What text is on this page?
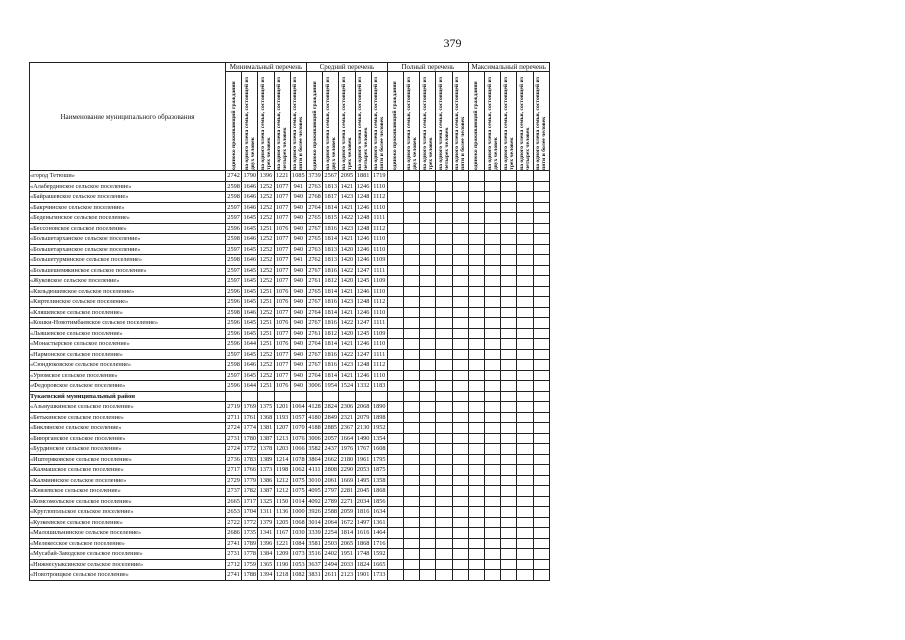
379
Наименование муниципального образования	Минимальный перечень					Средний перечень					Полный перечень					Максимальный перечень				

	одиноко проживающий гражданин	на одного члена семьи, состоящей из двух человек	на одного члена семьи, состоящей из трех человек	на одного члена семьи, состоящей из четырех человек	на одного члена семьи, состоящей из пяти и более человек	одиноко проживающий гражданин	на одного члена семьи, состоящей из двух человек	на одного члена семьи, состоящей из трех человек	на одного члена семьи, состоящей из четырех человек	на одного члена семьи, состоящей из пяти и более человек	одиноко проживающий гражданин	на одного члена семьи, состоящей из двух человек	на одного члена семьи, состоящей из трех человек	на одного члена семьи, состоящей из четырех человек	на одного члена семьи, состоящей из пяти и более человек	одиноко проживающий гражданин	на одного члена семьи, состоящей из двух человек	на одного члена семьи, состоящей из трех человек	на одного члена семьи, состоящей из четырех человек	на одного члена семьи, состоящей из пяти и более человек

«город Тетюши»	2742	1790	1396	1221	1085	3739	2567	2095	1881	1719										
«Алабердинское сельское поселение»	2598	1646	1252	1077	941	2763	1813	1421	1246	1110										
«Байрашевское сельское поселение»	2598	1646	1252	1077	940	2768	1817	1423	1248	1112										
«Бакрчинское сельское поселение»	2597	1646	1252	1077	940	2764	1814	1421	1246	1110										
«Беденьгинское сельское поселение»	2597	1645	1252	1077	940	2765	1815	1422	1248	1111										
«Бессоновское сельское поселение»	2596	1645	1251	1076	940	2767	1816	1423	1248	1112										
«Большетарханское сельское поселение»	2598	1646	1252	1077	940	2765	1814	1421	1246	1110										
«Большетарханское сельское поселение»	2597	1645	1252	1077	940	2763	1813	1420	1246	1110										
«Большетурминское сельское поселение»	2598	1646	1252	1077	941	2762	1813	1420	1246	1109										
«Большешемякинское сельское поселение»	2597	1645	1252	1077	940	2767	1816	1422	1247	1111										
«Жуковское сельское поселение»	2597	1645	1252	1077	940	2761	1812	1420	1245	1109										
«Кильдюшевское сельское поселение»	2596	1645	1251	1076	940	2765	1814	1421	1246	1110										
«Киртелинское сельское поселение»	2596	1645	1251	1076	940	2767	1816	1423	1248	1112										
«Кляшевское сельское поселение»	2598	1646	1252	1077	940	2764	1814	1421	1246	1110										
«Кошки-Новотимбаевское сельское поселение»	2596	1645	1251	1076	940	2767	1816	1422	1247	1111										
«Льяшевское сельское поселение»	2596	1645	1251	1077	940	2761	1812	1420	1245	1109										
«Монастырское сельское поселение»	2596	1644	1251	1076	940	2764	1814	1421	1246	1110										
«Нармонское сельское поселение»	2597	1645	1252	1077	940	2767	1816	1422	1247	1111										
«Сюндюковское сельское поселение»	2598	1646	1252	1077	940	2767	1816	1423	1248	1112										
«Урюмское сельское поселение»	2597	1645	1252	1077	940	2764	1814	1421	1246	1110										
«Федоровское сельское поселение»	2596	1644	1251	1076	940	3006	1954	1524	1332	1183										
Тукаевский муниципальный район																				
«Азьмушкинское сельское поселение»	2719	1769	1375	1201	1064	4128	2824	2306	2068	1890										
«Бетькинское сельское поселение»	2711	1761	1368	1193	1057	4180	2849	2321	2079	1898										
«Биклянское сельское поселение»	2724	1774	1381	1207	1070	4188	2885	2367	2130	1952										
«Биюрганское сельское поселение»	2731	1780	1387	1213	1076	3006	2057	1664	1490	1354										
«Бурдинское сельское поселение»	2724	1772	1378	1203	1066	3582	2437	1976	1767	1608										
«Иштеряковское сельское поселение»	2736	1783	1389	1214	1078	3864	2662	2180	1961	1795										
«Калмашское сельское поселение»	2717	1766	1373	1198	1062	4111	2808	2290	2053	1875										
«Калмиинское сельское поселение»	2729	1779	1386	1212	1075	3010	2061	1669	1495	1358										
«Князевское сельское поселение»	2737	1782	1387	1212	1075	4095	2797	2281	2045	1868										
«Комсомольское сельское поселение»	2665	1717	1325	1150	1014	4092	2789	2271	2034	1856										
«Круглопольское сельское поселение»	2653	1704	1311	1136	1000	3926	2588	2059	1816	1634										
«Кузкеевское сельское поселение»	2722	1772	1379	1205	1068	3014	2064	1672	1497	1361										
«Малошильнинское сельское поселение»	2686	1735	1341	1167	1030	3339	2254	1814	1616	1464										
«Мелекесское сельское поселение»	2741	1789	1396	1221	1084	3581	2503	2065	1868	1716										
«Мусабай-Заводское сельское поселение»	2731	1778	1384	1209	1073	3516	2402	1951	1748	1592										
«Нижнесуыксинское сельское поселение»	2712	1759	1365	1190	1053	3637	2494	2033	1824	1665										
«Новотроицкое сельское поселение»	2741	1788	1394	1218	1082	3831	2611	2123	1901	1733										
